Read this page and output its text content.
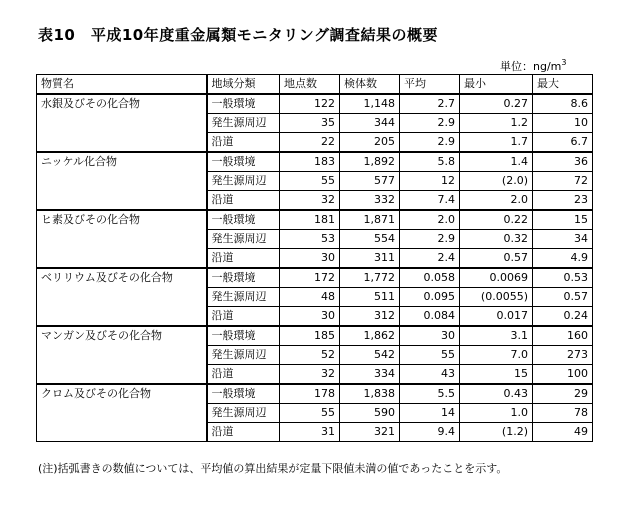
表10　平成10年度重金属類モニタリング調査結果の概要
単位：$ng/m^3$
物質名	地域分類	地点数	検体数	平均	最小	最大
水銀及びその化合物	一般環境	122	1,148	2.7	0.27	8.6
	発生源周辺	35	344	2.9	1.2	10
	沿道	22	205	2.9	1.7	6.7
ニッケル化合物	一般環境	183	1,892	5.8	1.4	36
	発生源周辺	55	577	12	(2.0)	72
	沿道	32	332	7.4	2.0	23
ヒ素及びその化合物	一般環境	181	1,871	2.0	0.22	15
	発生源周辺	53	554	2.9	0.32	34
	沿道	30	311	2.4	0.57	4.9
ベリリウム及びその化合物	一般環境	172	1,772	0.058	0.0069	0.53
	発生源周辺	48	511	0.095	(0.0055)	0.57
	沿道	30	312	0.084	0.017	0.24
マンガン及びその化合物	一般環境	185	1,862	30	3.1	160
	発生源周辺	52	542	55	7.0	273
	沿道	32	334	43	15	100
クロム及びその化合物	一般環境	178	1,838	5.5	0.43	29
	発生源周辺	55	590	14	1.0	78
	沿道	31	321	9.4	(1.2)	49
(注)括弧書きの数値については、平均値の算出結果が定量下限値未満の値であったことを示す。
